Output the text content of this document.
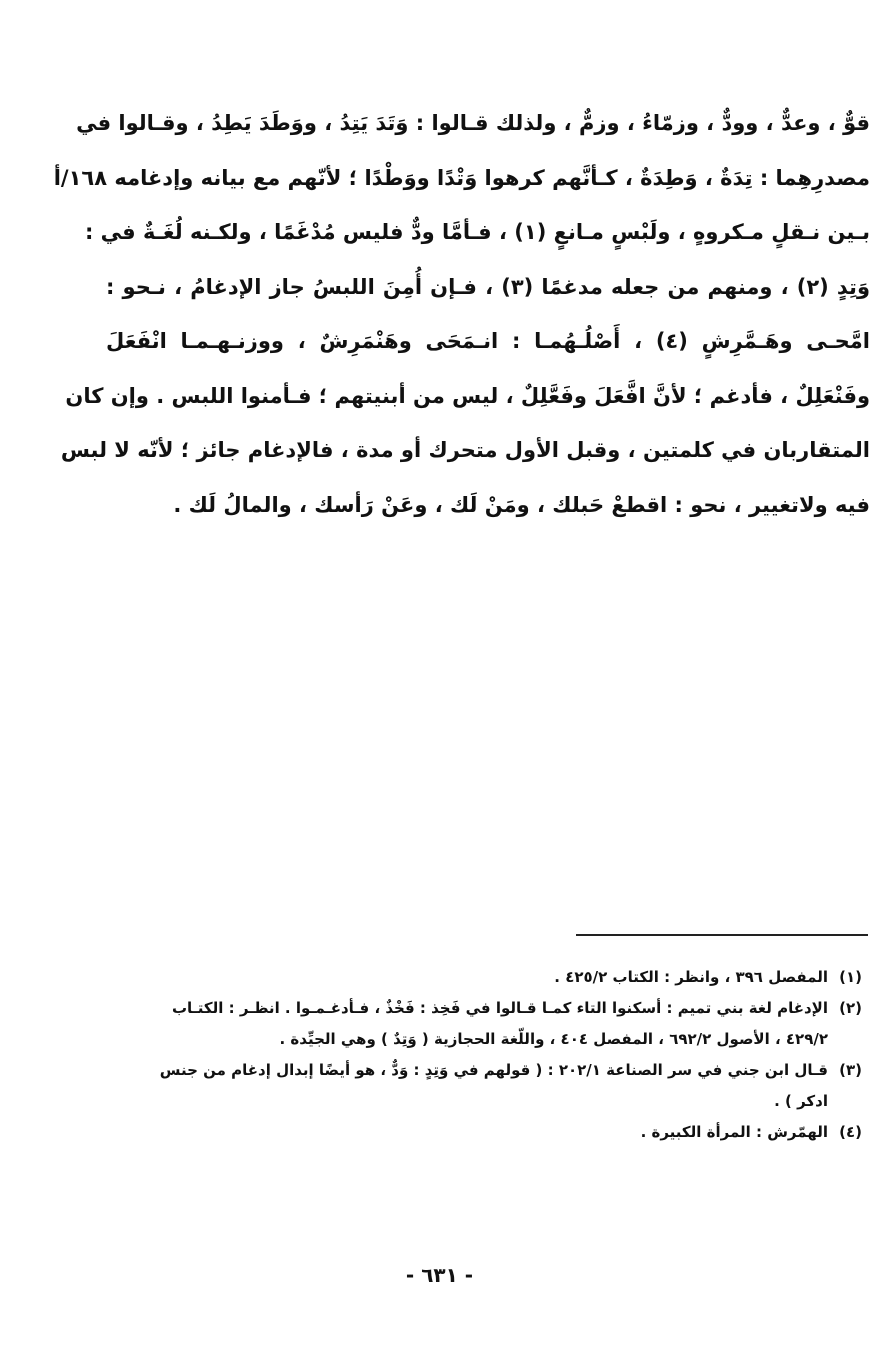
قوٌّ ، وعدٌّ ، وودٌّ ، وزمّاءُ ، وزمٌّ ، ولذلك قـالوا : وَتَدَ يَتِدُ ، ووَطَدَ يَطِدُ ، وقـالوا في
مصدرِهِما : تِدَةٌ ، وَطِدَةٌ ، كـأنَّهم كرهوا وَتْدًا ووَطْدًا ؛ لأنّهم مع بيانه وإدغامه ١٦٨/أ
بـين نـقلٍ مـكروهٍ ، ولَبْسٍ مـانعٍ (١) ، فـأمَّا ودٌّ فليس مُدْغَمًا ، ولكـنه لُغَـةٌ في :
وَتِدٍ (٢) ، ومنهم من جعله مدغمًا (٣) ، فـإن أُمِنَ اللبسُ جاز الإدغامُ ، نـحو :
امَّحـى وهَـمَّرِشٍ (٤) ، أَصْلُـهُمـا : انـمَحَى وهَنْمَرِشٌ ، ووزنـهـمـا انْفَعَلَ
وفَنْعَلِلٌ ، فأدغم ؛ لأنَّ افَّعَلَ وفَعَّلِلٌ ، ليس من أبنيتهم ؛ فـأمنوا اللبس . وإن كان
المتقاربان في كلمتين ، وقبل الأول متحرك أو مدة ، فالإدغام جائز ؛ لأنّه لا لبس
فيه ولاتغيير ، نحو : اقطعْ حَبلك ، ومَنْ لَك ، وعَنْ رَأسك ، والمالُ لَك .
(١)المفصل ٣٩٦ ، وانظر : الكتاب ٤٢٥/٢ .
(٢)الإدغام لغة بني تميم : أسكنوا التاء كمـا قـالوا في فَخِذ : فَخْذٌ ، فـأدغـمـوا . انظـر : الكتـاب
٤٢٩/٢ ، الأصول ٦٩٢/٢ ، المفصل ٤٠٤ ، واللّغة الحجازية ( وَتِدٌ ) وهي الجيِّدة .
(٣)قـال ابن جني في سر الصناعة ٢٠٢/١ : ( قولهم في وَتِدٍ : وَدٌّ ، هو أيضًا إبدال إدغام من جنس
ادكر ) .
(٤)الهمّرش : المرأة الكبيرة .
- ٦٣١ -
